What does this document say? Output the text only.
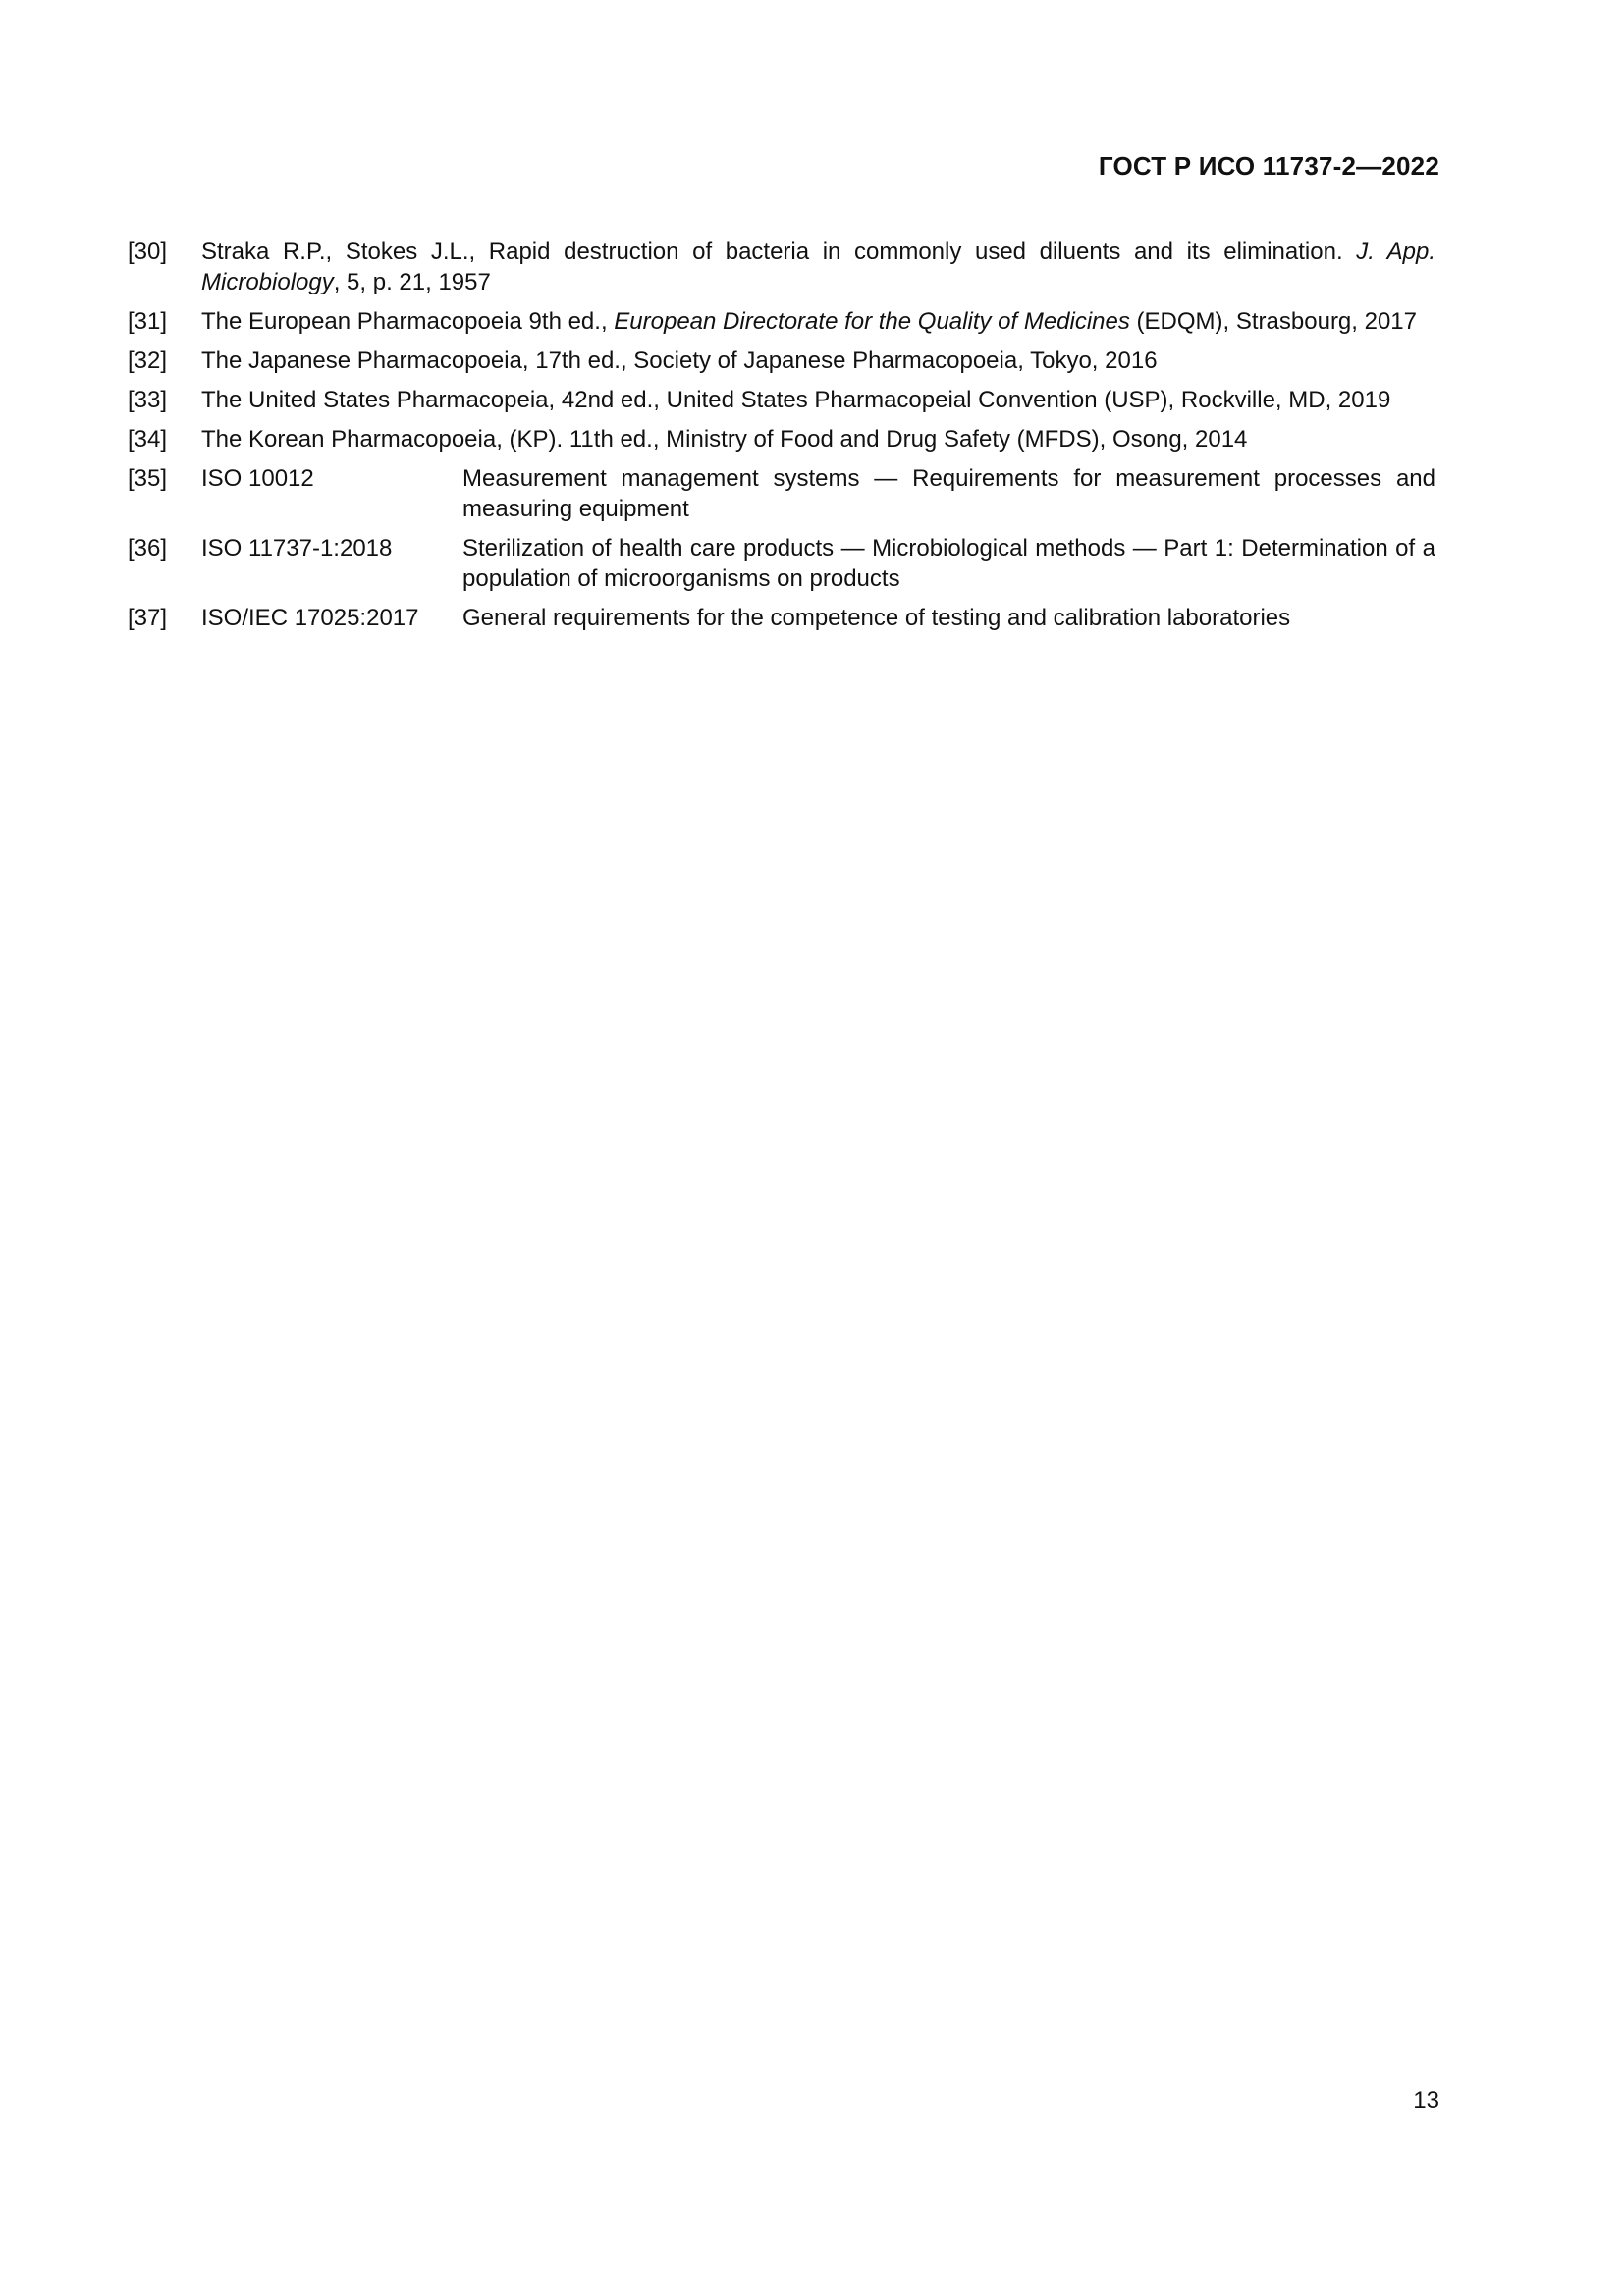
ГОСТ Р ИСО 11737-2—2022
[30]	Straka R.P., Stokes J.L., Rapid destruction of bacteria in commonly used diluents and its elimination. J. App. Microbiology, 5, p. 21, 1957
[31]	The European Pharmacopoeia 9th ed., European Directorate for the Quality of Medicines (EDQM), Strasbourg, 2017
[32]	The Japanese Pharmacopoeia, 17th ed., Society of Japanese Pharmacopoeia, Tokyo, 2016
[33]	The United States Pharmacopeia, 42nd ed., United States Pharmacopeial Convention (USP), Rockville, MD, 2019
[34]	The Korean Pharmacopoeia, (KP). 11th ed., Ministry of Food and Drug Safety (MFDS), Osong, 2014
[35]	ISO 10012	Measurement management systems — Requirements for measurement processes and measuring equipment
[36]	ISO 11737-1:2018	Sterilization of health care products — Microbiological methods — Part 1: Determination of a population of microorganisms on products
[37]	ISO/IEC 17025:2017	General requirements for the competence of testing and calibration laboratories
13
